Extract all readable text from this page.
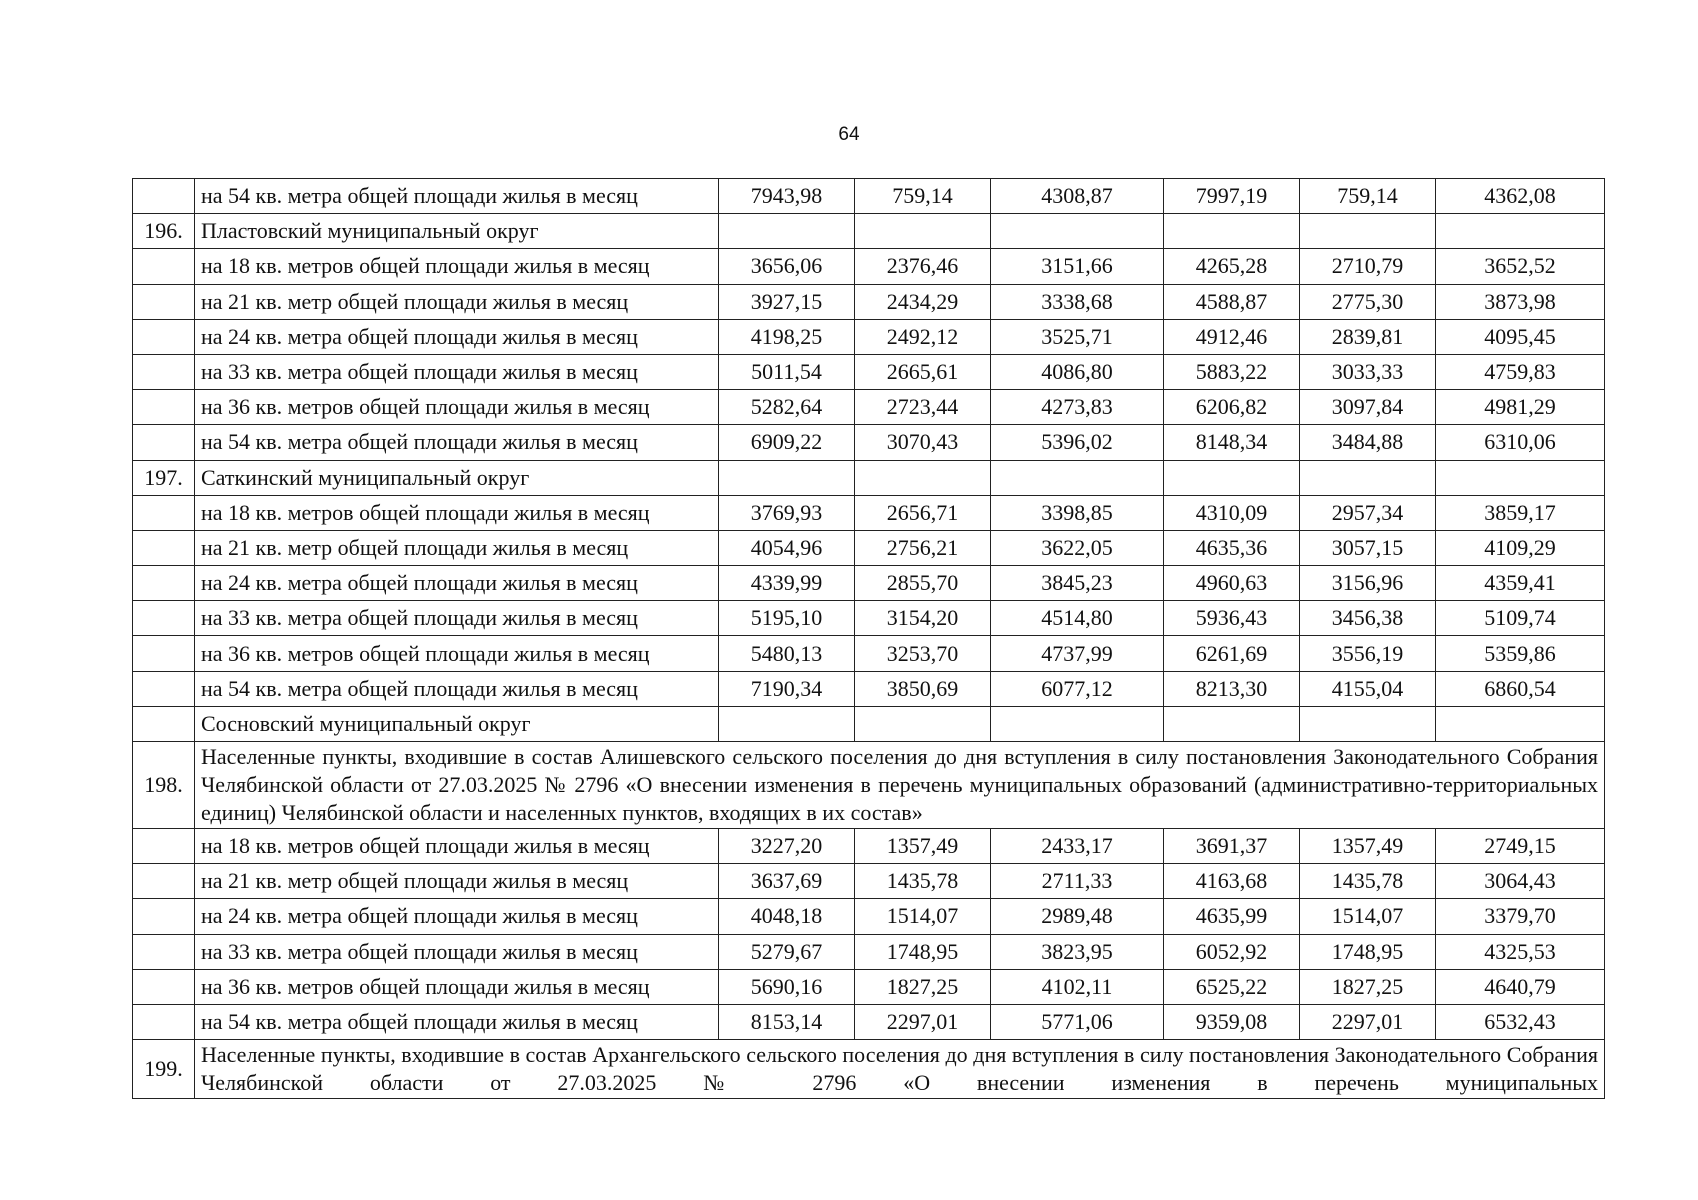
64
	на 54 кв. метра общей площади жилья в месяц	7943,98	759,14	4308,87	7997,19	759,14	4362,08
196.	Пластовский муниципальный округ						
	на 18 кв. метров общей площади жилья в месяц	3656,06	2376,46	3151,66	4265,28	2710,79	3652,52
	на 21 кв. метр общей площади жилья в месяц	3927,15	2434,29	3338,68	4588,87	2775,30	3873,98
	на 24 кв. метра общей площади жилья в месяц	4198,25	2492,12	3525,71	4912,46	2839,81	4095,45
	на 33 кв. метра общей площади жилья в месяц	5011,54	2665,61	4086,80	5883,22	3033,33	4759,83
	на 36 кв. метров общей площади жилья в месяц	5282,64	2723,44	4273,83	6206,82	3097,84	4981,29
	на 54 кв. метра общей площади жилья в месяц	6909,22	3070,43	5396,02	8148,34	3484,88	6310,06
197.	Саткинский муниципальный округ						
	на 18 кв. метров общей площади жилья в месяц	3769,93	2656,71	3398,85	4310,09	2957,34	3859,17
	на 21 кв. метр общей площади жилья в месяц	4054,96	2756,21	3622,05	4635,36	3057,15	4109,29
	на 24 кв. метра общей площади жилья в месяц	4339,99	2855,70	3845,23	4960,63	3156,96	4359,41
	на 33 кв. метра общей площади жилья в месяц	5195,10	3154,20	4514,80	5936,43	3456,38	5109,74
	на 36 кв. метров общей площади жилья в месяц	5480,13	3253,70	4737,99	6261,69	3556,19	5359,86
	на 54 кв. метра общей площади жилья в месяц	7190,34	3850,69	6077,12	8213,30	4155,04	6860,54
	Сосновский муниципальный округ						
198.	Населенные пункты, входившие в состав Алишевского сельского поселения до дня вступления в силу постановления Законодательного Собрания Челябинской области от 27.03.2025 № 2796 «О внесении изменения в перечень муниципальных образований (административно-территориальных единиц) Челябинской области и населенных пунктов, входящих в их состав»						
	на 18 кв. метров общей площади жилья в месяц	3227,20	1357,49	2433,17	3691,37	1357,49	2749,15
	на 21 кв. метр общей площади жилья в месяц	3637,69	1435,78	2711,33	4163,68	1435,78	3064,43
	на 24 кв. метра общей площади жилья в месяц	4048,18	1514,07	2989,48	4635,99	1514,07	3379,70
	на 33 кв. метра общей площади жилья в месяц	5279,67	1748,95	3823,95	6052,92	1748,95	4325,53
	на 36 кв. метров общей площади жилья в месяц	5690,16	1827,25	4102,11	6525,22	1827,25	4640,79
	на 54 кв. метра общей площади жилья в месяц	8153,14	2297,01	5771,06	9359,08	2297,01	6532,43
199.	Населенные пункты, входившие в состав Архангельского сельского поселения до дня вступления в силу постановления Законодательного Собрания Челябинской области от 27.03.2025 № 2796 «О внесении изменения в перечень муниципальных						
